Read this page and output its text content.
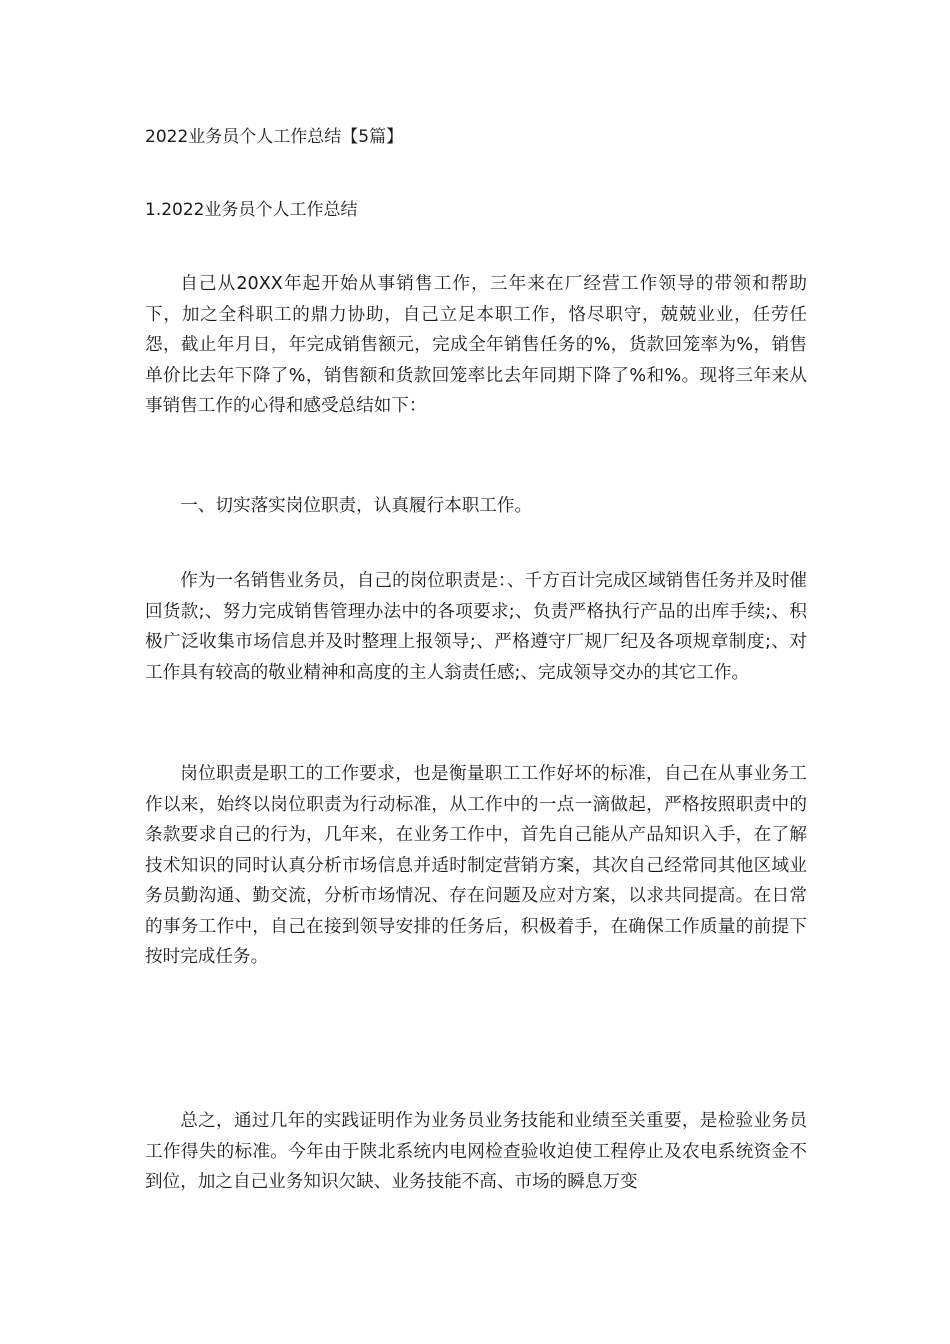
2022业务员个人工作总结【5篇】
1.2022业务员个人工作总结

自己从20XX年起开始从事销售工作，三年来在厂经营工作领导的带领和帮助下，加之全科职工的鼎力协助，自己立足本职工作，恪尽职守，兢兢业业，任劳任怨，截止年月日，年完成销售额元，完成全年销售任务的%，货款回笼率为%，销售单价比去年下降了%，销售额和货款回笼率比去年同期下降了%和%。现将三年来从事销售工作的心得和感受总结如下：

一、切实落实岗位职责，认真履行本职工作。

作为一名销售业务员，自己的岗位职责是：、千方百计完成区域销售任务并及时催回货款;、努力完成销售管理办法中的各项要求;、负责严格执行产品的出库手续;、积极广泛收集市场信息并及时整理上报领导;、严格遵守厂规厂纪及各项规章制度;、对工作具有较高的敬业精神和高度的主人翁责任感;、完成领导交办的其它工作。

岗位职责是职工的工作要求，也是衡量职工工作好坏的标准，自己在从事业务工作以来，始终以岗位职责为行动标准，从工作中的一点一滴做起，严格按照职责中的条款要求自己的行为，几年来，在业务工作中，首先自己能从产品知识入手，在了解技术知识的同时认真分析市场信息并适时制定营销方案，其次自己经常同其他区域业务员勤沟通、勤交流，分析市场情况、存在问题及应对方案，以求共同提高。在日常的事务工作中，自己在接到领导安排的任务后，积极着手，在确保工作质量的前提下按时完成任务。

总之，通过几年的实践证明作为业务员业务技能和业绩至关重要，是检验业务员工作得失的标准。今年由于陕北系统内电网检查验收迫使工程停止及农电系统资金不到位，加之自己业务知识欠缺、业务技能不高、市场的瞬息万变
